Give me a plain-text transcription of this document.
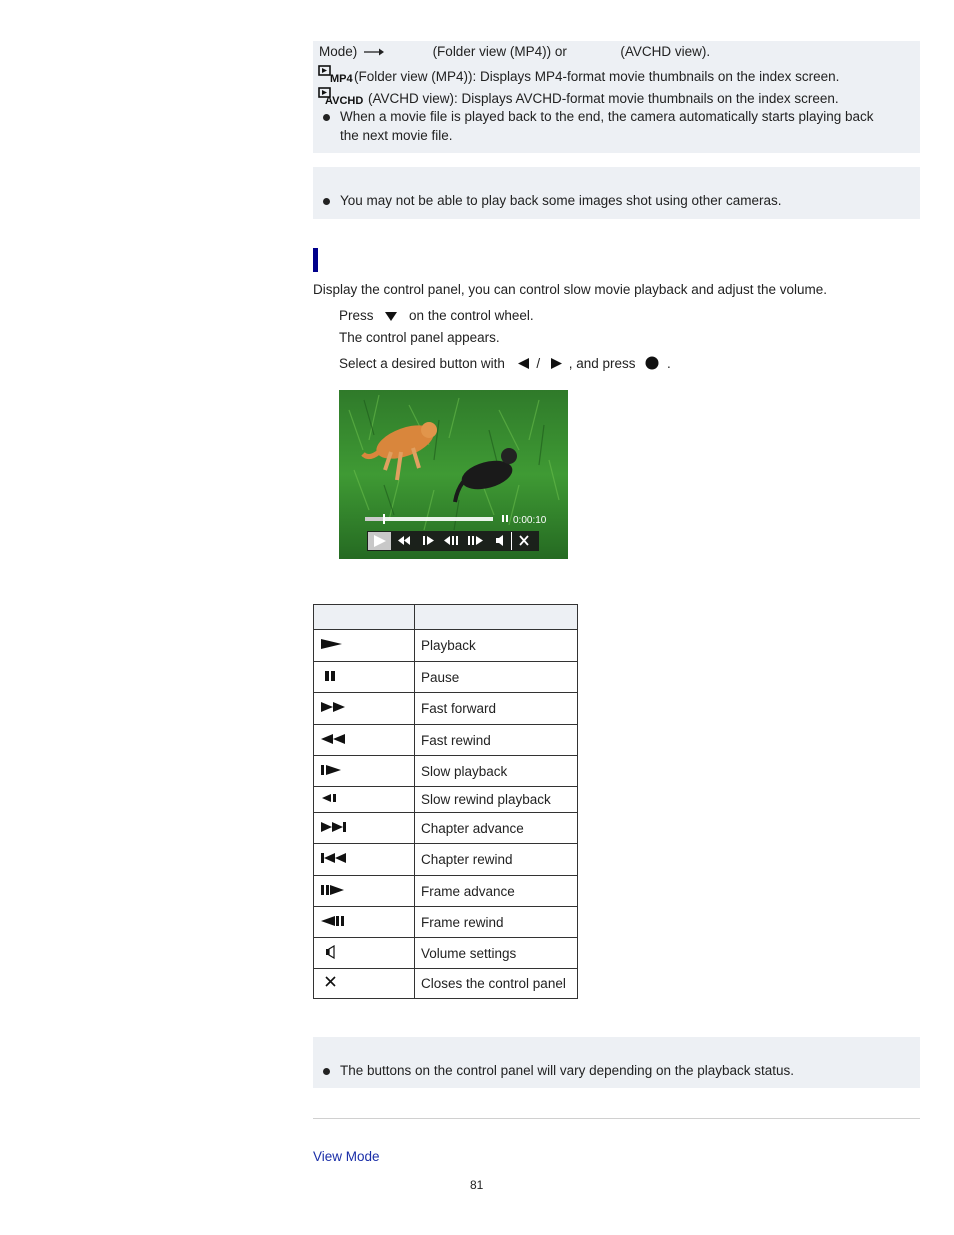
Mode)	(Folder view (MP4)) or	(AVCHD view).
MP4 (Folder view (MP4)): Displays MP4-format movie thumbnails on the index screen.
AVCHD (AVCHD view): Displays AVCHD-format movie thumbnails on the index screen.
When a movie file is played back to the end, the camera automatically starts playing back
the next movie file.
You may not be able to play back some images shot using other cameras.
Display the control panel, you can control slow movie playback and adjust the volume.
Press	on the control wheel.
The control panel appears.
Select a desired button with / , and press .
0:00:10

	Playback
	Pause
	Fast forward
	Fast rewind
	Slow playback
	Slow rewind playback
	Chapter advance
	Chapter rewind
	Frame advance
	Frame rewind
	Volume settings
	Closes the control panel
The buttons on the control panel will vary depending on the playback status.
View Mode
81
